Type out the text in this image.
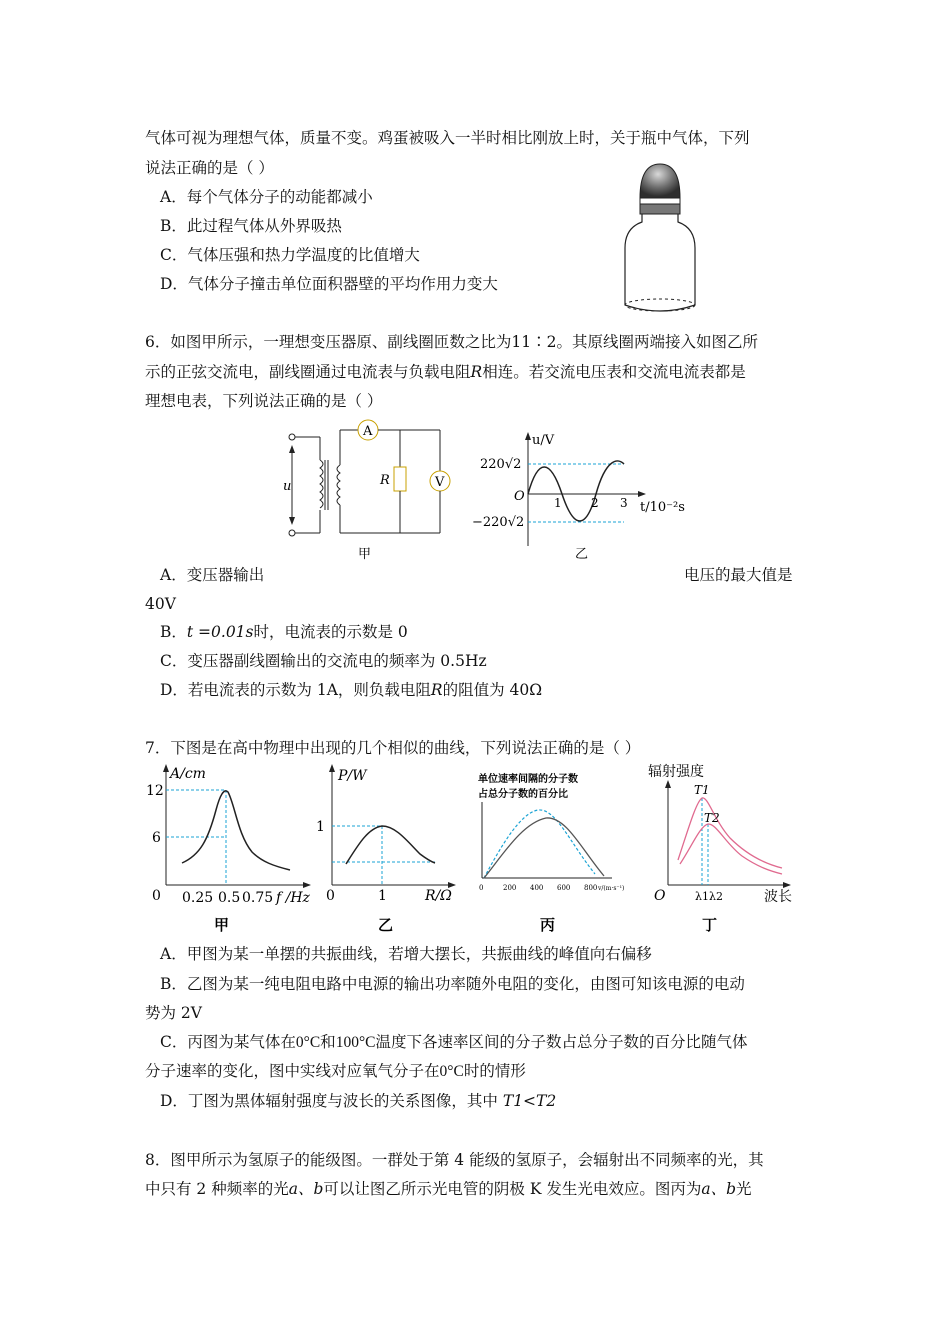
气体可视为理想气体，质量不变。鸡蛋被吸入一半时相比刚放上时，关于瓶中气体，下列
说法正确的是（ ）
A．每个气体分子的动能都减小
B．此过程气体从外界吸热
C．气体压强和热力学温度的比值增大
D．气体分子撞击单位面积器壁的平均作用力变大
6．如图甲所示，一理想变压器原、副线圈匝数之比为11∶2。其原线圈两端接入如图乙所
示的正弦交流电，副线圈通过电流表与负载电阻R相连。若交流电压表和交流电流表都是
理想电表，下列说法正确的是（ ）
u	R
A
V
甲
u/V
220√2
−220√2
O 1 2 3 t/10⁻²s
乙
A．变压器输出	电压的最大值是
40V
B．t =0.01s时，电流表的示数是 0
C．变压器副线圈输出的交流电的频率为 0.5Hz
D．若电流表的示数为 1A，则负载电阻R的阻值为 40Ω
7．下图是在高中物理中出现的几个相似的曲线，下列说法正确的是（ ）
A/cm
12
6
0 0.25 0.5 0.75 f /Hz
甲
P/W
1
0	1	R/Ω
乙
单位速率间隔的分子数
占总分子数的百分比
0	200 400 600 800 v/(m·s⁻¹)
丙
辐射强度
T1
T2
O	λ1λ2	波长
丁
A．甲图为某一单摆的共振曲线，若增大摆长，共振曲线的峰值向右偏移
B．乙图为某一纯电阻电路中电源的输出功率随外电阻的变化，由图可知该电源的电动
势为 2V
C．丙图为某气体在0°C和100°C温度下各速率区间的分子数占总分子数的百分比随气体
分子速率的变化，图中实线对应氧气分子在0°C时的情形
D．丁图为黑体辐射强度与波长的关系图像，其中 T1<T2
8．图甲所示为氢原子的能级图。一群处于第 4 能级的氢原子，会辐射出不同频率的光，其
中只有 2 种频率的光a、b可以让图乙所示光电管的阴极 K 发生光电效应。图丙为a、b光
